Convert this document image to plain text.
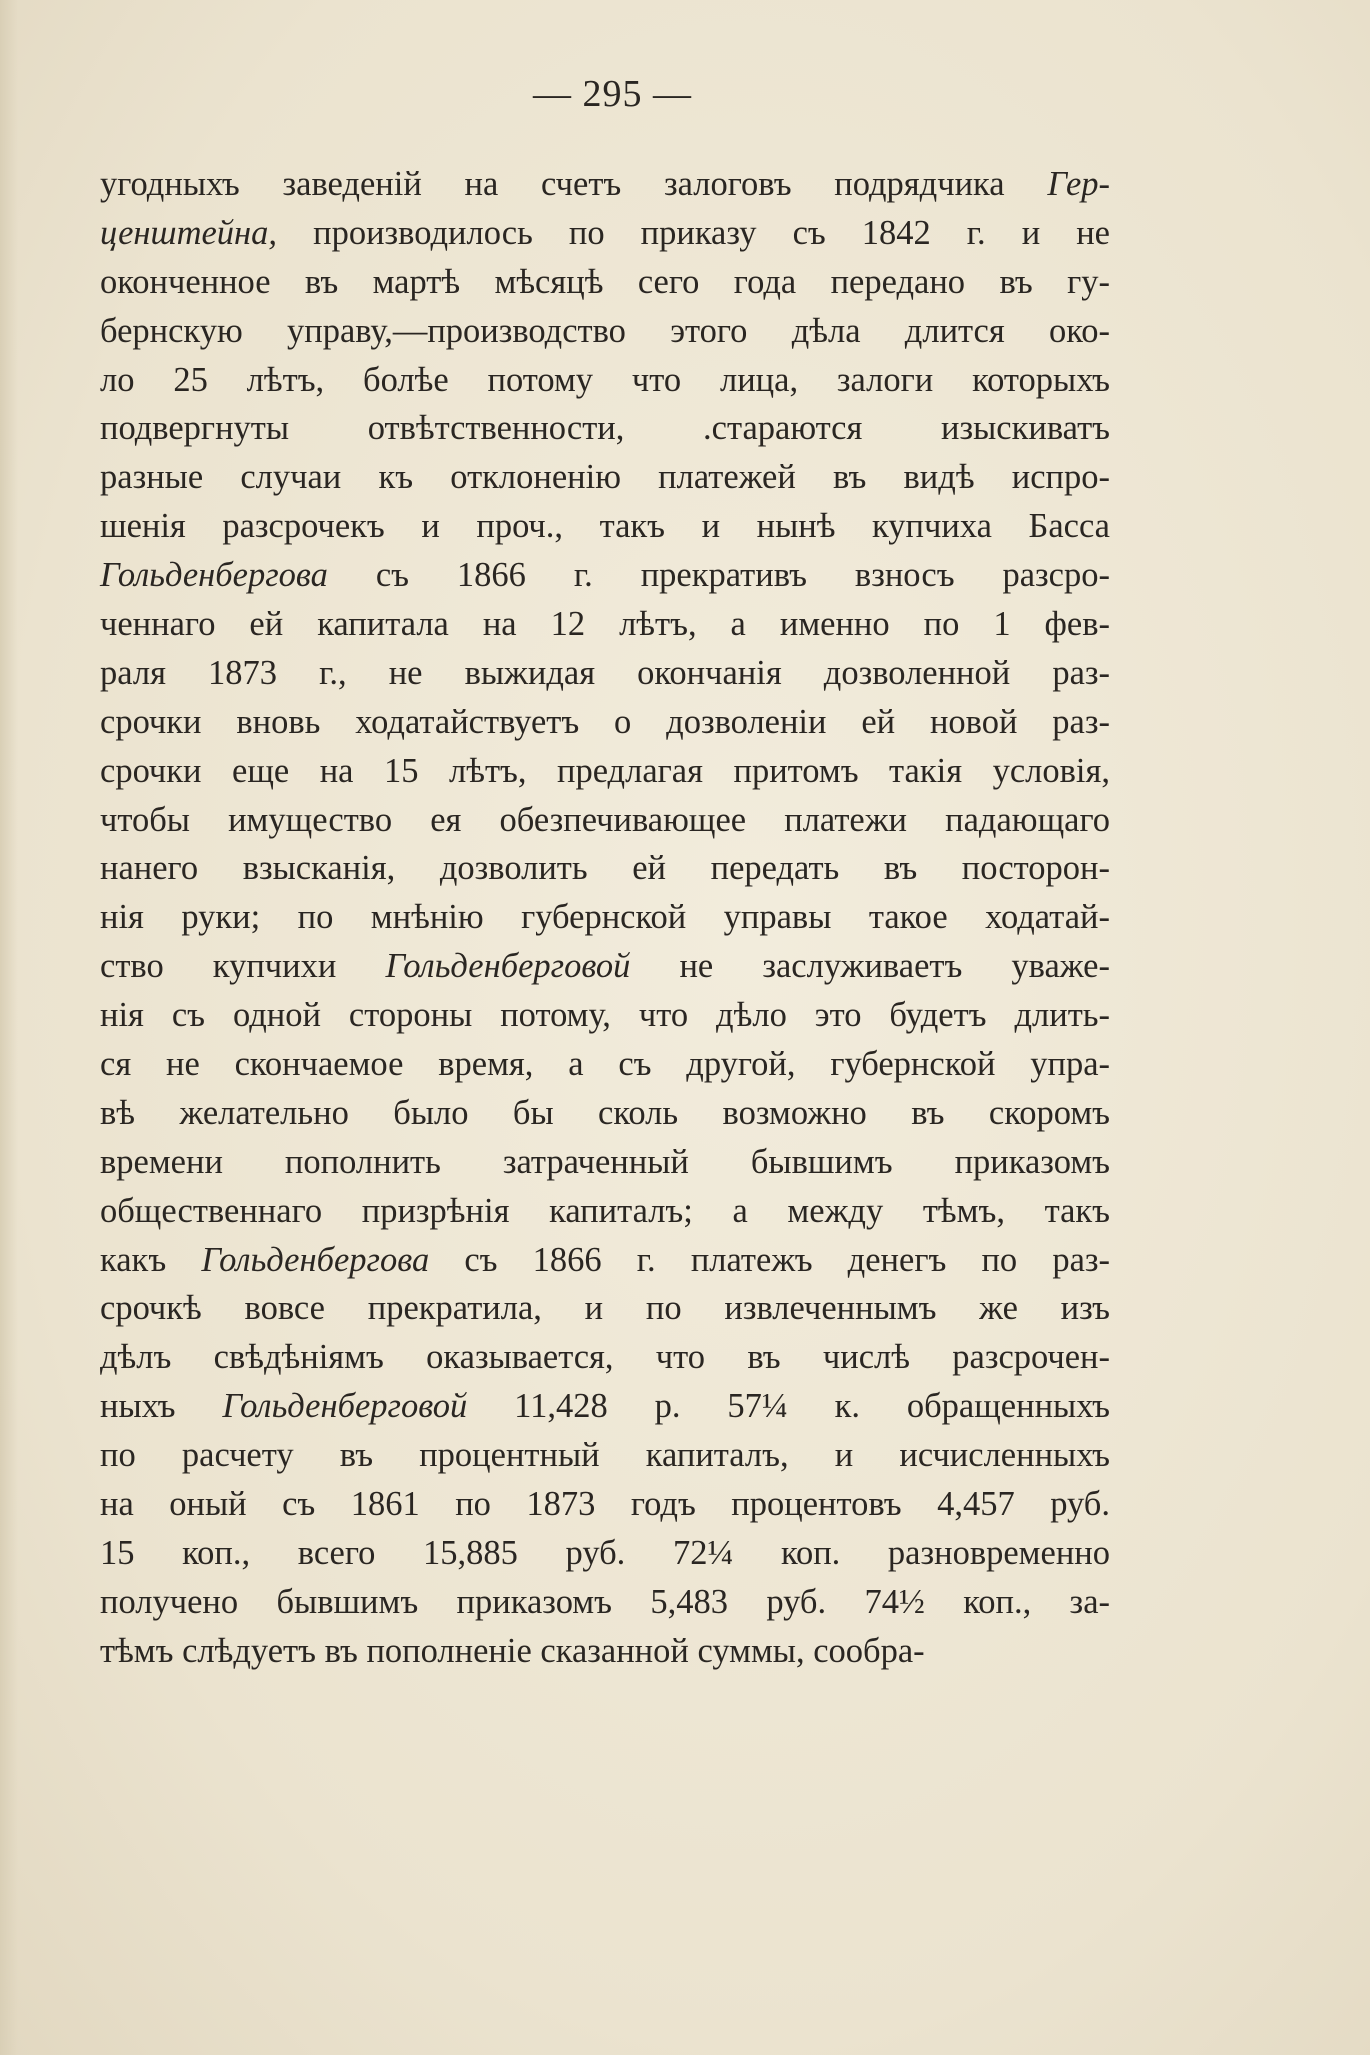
— 295 —
угодныхъ заведеній на счетъ залоговъ подрядчика Гер-
ценштейна, производилось по приказу съ 1842 г. и не
оконченное въ мартѣ мѣсяцѣ сего года передано въ гу-
бернскую управу,—производство этого дѣла длится око-
ло 25 лѣтъ, болѣе потому что лица, залоги которыхъ
подвергнуты отвѣтственности, .стараются изыскиватъ
разные случаи къ отклоненію платежей въ видѣ испро-
шенія разсрочекъ и проч., такъ и нынѣ купчиха Басса
Гольденбергова съ 1866 г. прекративъ взносъ разсро-
ченнаго ей капитала на 12 лѣтъ, а именно по 1 фев-
раля 1873 г., не выжидая окончанія дозволенной раз-
срочки вновь ходатайствуетъ о дозволеніи ей новой раз-
срочки еще на 15 лѣтъ, предлагая притомъ такія условія,
чтобы имущество ея обезпечивающее платежи падающаго
нанего взысканія, дозволить ей передать въ посторон-
нія руки; по мнѣнію губернской управы такое ходатай-
ство купчихи Гольденберговой не заслуживаетъ уваже-
нія съ одной стороны потому, что дѣло это будетъ длить-
ся не скончаемое время, а съ другой, губернской упра-
вѣ желательно было бы сколь возможно въ скоромъ
времени пополнить затраченный бывшимъ приказомъ
общественнаго призрѣнія капиталъ; а между тѣмъ, такъ
какъ Гольденбергова съ 1866 г. платежъ денегъ по раз-
срочкѣ вовсе прекратила, и по извлеченнымъ же изъ
дѣлъ свѣдѣніямъ оказывается, что въ числѣ разсрочен-
ныхъ Гольденберговой 11,428 р. 57¼ к. обращенныхъ
по расчету въ процентный капиталъ, и исчисленныхъ
на оный съ 1861 по 1873 годъ процентовъ 4,457 руб.
15 коп., всего 15,885 руб. 72¼ коп. разновременно
получено бывшимъ приказомъ 5,483 руб. 74½ коп., за-
тѣмъ слѣдуетъ въ пополненіе сказанной суммы, сообра-
